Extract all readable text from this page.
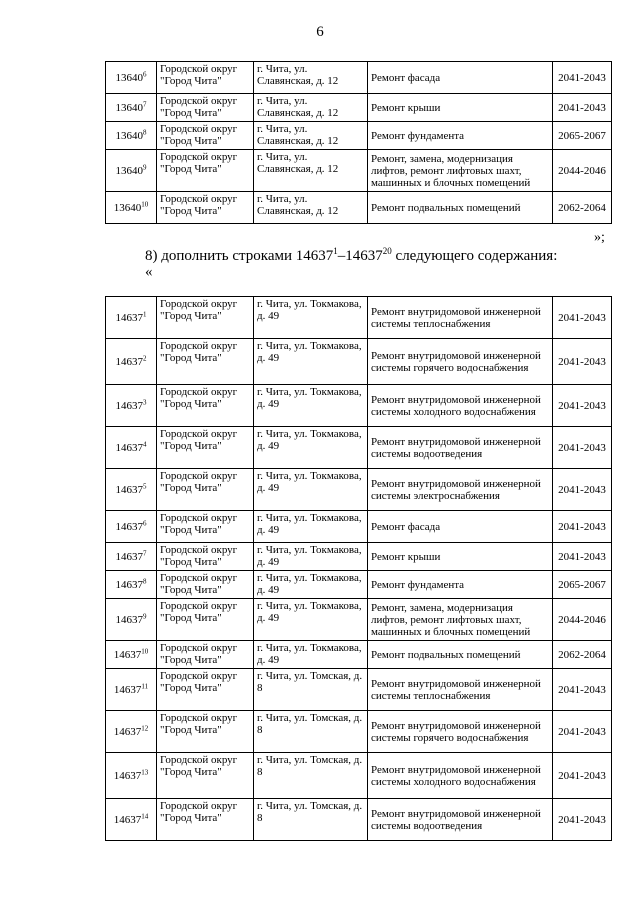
6
13640$^6$	Городской округ "Город Чита"	г. Чита, ул. Славянская, д. 12	Ремонт фасада	2041-2043
13640$^7$	Городской округ "Город Чита"	г. Чита, ул. Славянская, д. 12	Ремонт крыши	2041-2043
13640$^8$	Городской округ "Город Чита"	г. Чита, ул. Славянская, д. 12	Ремонт фундамента	2065-2067
13640$^9$	Городской округ "Город Чита"	г. Чита, ул. Славянская, д. 12	Ремонт, замена, модернизация лифтов, ремонт лифтовых шахт, машинных и блочных помещений	2044-2046
13640$^{10}$	Городской округ "Город Чита"	г. Чита, ул. Славянская, д. 12	Ремонт подвальных помещений	2062-2064
»;
8) дополнить строками 14637$^1$–14637$^{20}$ следующего содержания:
«
14637$^1$	Городской округ "Город Чита"	г. Чита, ул. Токмакова, д. 49	Ремонт внутридомовой инженерной системы теплоснабжения	2041-2043
14637$^2$	Городской округ "Город Чита"	г. Чита, ул. Токмакова, д. 49	Ремонт внутридомовой инженерной системы горячего водоснабжения	2041-2043
14637$^3$	Городской округ "Город Чита"	г. Чита, ул. Токмакова, д. 49	Ремонт внутридомовой инженерной системы холодного водоснабжения	2041-2043
14637$^4$	Городской округ "Город Чита"	г. Чита, ул. Токмакова, д. 49	Ремонт внутридомовой инженерной системы водоотведения	2041-2043
14637$^5$	Городской округ "Город Чита"	г. Чита, ул. Токмакова, д. 49	Ремонт внутридомовой инженерной системы электроснабжения	2041-2043
14637$^6$	Городской округ "Город Чита"	г. Чита, ул. Токмакова, д. 49	Ремонт фасада	2041-2043
14637$^7$	Городской округ "Город Чита"	г. Чита, ул. Токмакова, д. 49	Ремонт крыши	2041-2043
14637$^8$	Городской округ "Город Чита"	г. Чита, ул. Токмакова, д. 49	Ремонт фундамента	2065-2067
14637$^9$	Городской округ "Город Чита"	г. Чита, ул. Токмакова, д. 49	Ремонт, замена, модернизация лифтов, ремонт лифтовых шахт, машинных и блочных помещений	2044-2046
14637$^{10}$	Городской округ "Город Чита"	г. Чита, ул. Токмакова, д. 49	Ремонт подвальных помещений	2062-2064
14637$^{11}$	Городской округ "Город Чита"	г. Чита, ул. Томская, д. 8	Ремонт внутридомовой инженерной системы теплоснабжения	2041-2043
14637$^{12}$	Городской округ "Город Чита"	г. Чита, ул. Томская, д. 8	Ремонт внутридомовой инженерной системы горячего водоснабжения	2041-2043
14637$^{13}$	Городской округ "Город Чита"	г. Чита, ул. Томская, д. 8	Ремонт внутридомовой инженерной системы холодного водоснабжения	2041-2043
14637$^{14}$	Городской округ "Город Чита"	г. Чита, ул. Томская, д. 8	Ремонт внутридомовой инженерной системы водоотведения	2041-2043
